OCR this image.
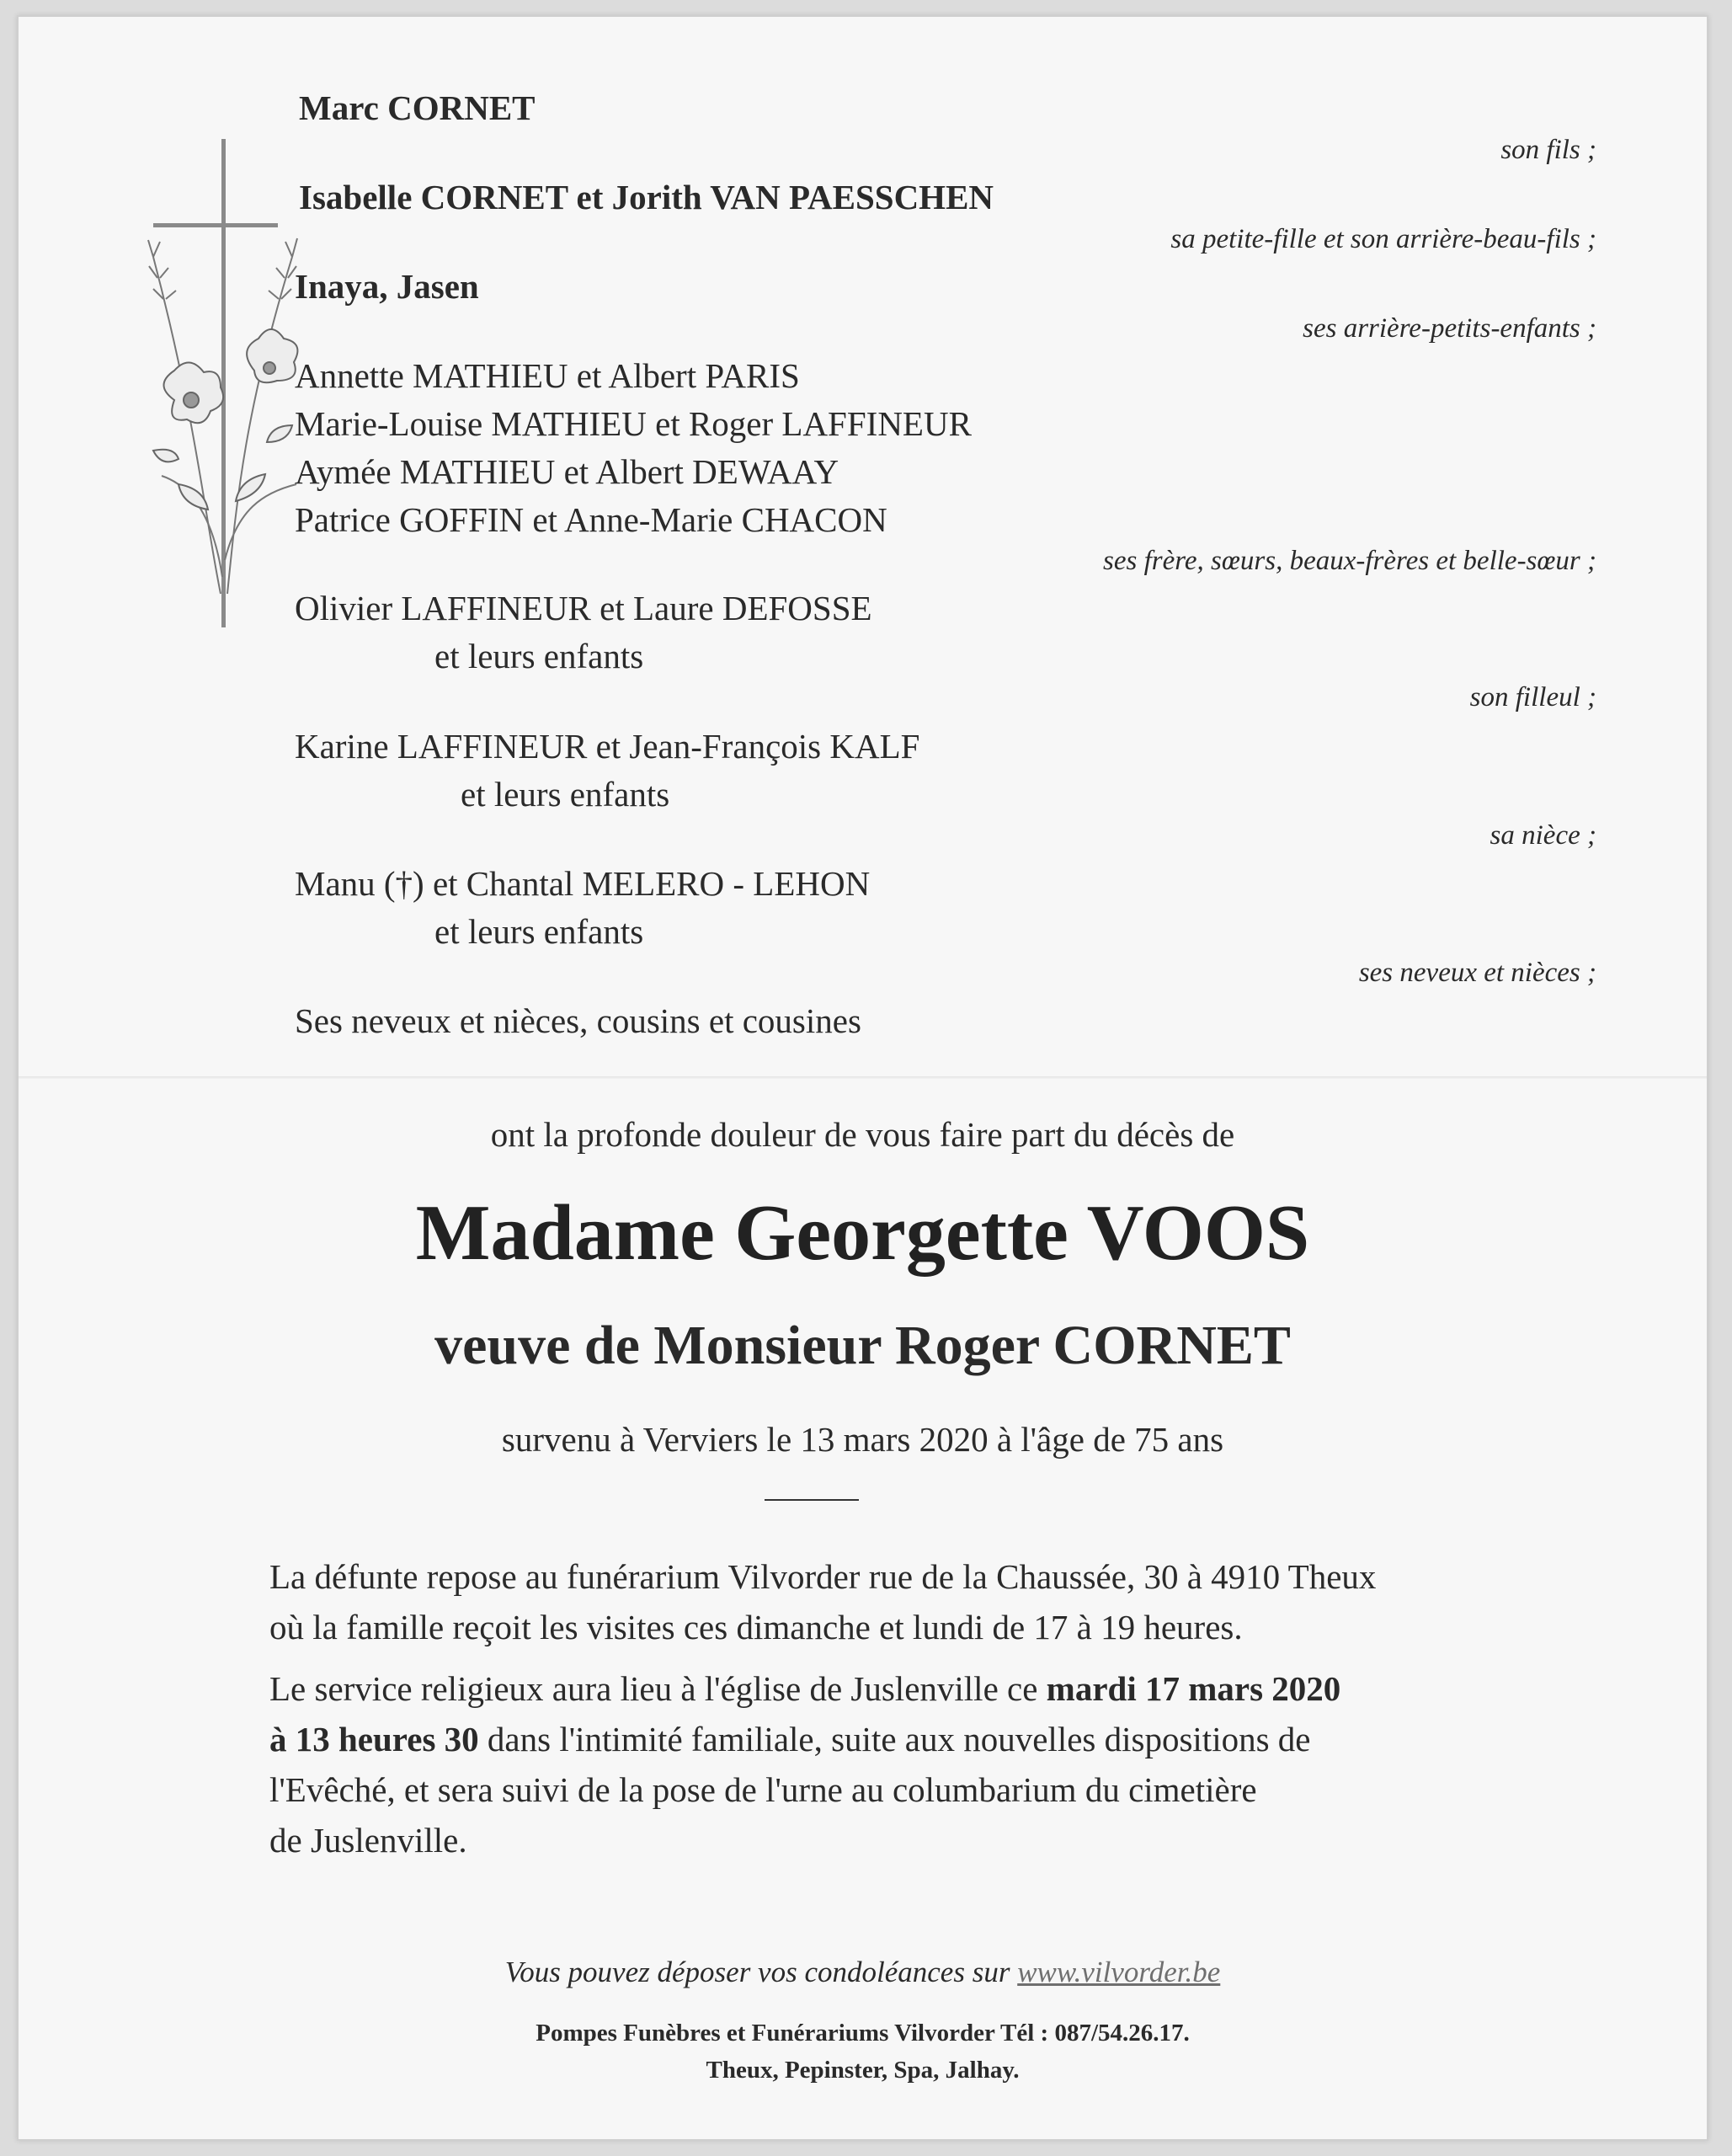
Marc CORNET
son fils ;
Isabelle CORNET et Jorith VAN PAESSCHEN
sa petite-fille et son arrière-beau-fils ;
Inaya, Jasen
ses arrière-petits-enfants ;
Annette MATHIEU et Albert PARIS
Marie-Louise MATHIEU et Roger LAFFINEUR
Aymée MATHIEU et Albert DEWAAY
Patrice GOFFIN et Anne-Marie CHACON
ses frère, sœurs, beaux-frères et belle-sœur ;
Olivier LAFFINEUR et Laure DEFOSSE
et leurs enfants
son filleul ;
Karine LAFFINEUR et Jean-François KALF
et leurs enfants
sa nièce ;
Manu (†) et Chantal MELERO - LEHON
et leurs enfants
ses neveux et nièces ;
Ses neveux et nièces, cousins et cousines
ont la profonde douleur de vous faire part du décès de
Madame Georgette VOOS
veuve de Monsieur Roger CORNET
survenu à Verviers le 13 mars 2020 à l'âge de 75 ans
La défunte repose au funérarium Vilvorder rue de la Chaussée, 30 à 4910 Theux
où la famille reçoit les visites ces dimanche et lundi de 17 à 19 heures.
Le service religieux aura lieu à l'église de Juslenville ce mardi 17 mars 2020
à 13 heures 30 dans l'intimité familiale, suite aux nouvelles dispositions de
l'Evêché, et sera suivi de la pose de l'urne au columbarium du cimetière
de Juslenville.
Vous pouvez déposer vos condoléances sur www.vilvorder.be
Pompes Funèbres et Funérariums Vilvorder Tél : 087/54.26.17.
Theux, Pepinster, Spa, Jalhay.
